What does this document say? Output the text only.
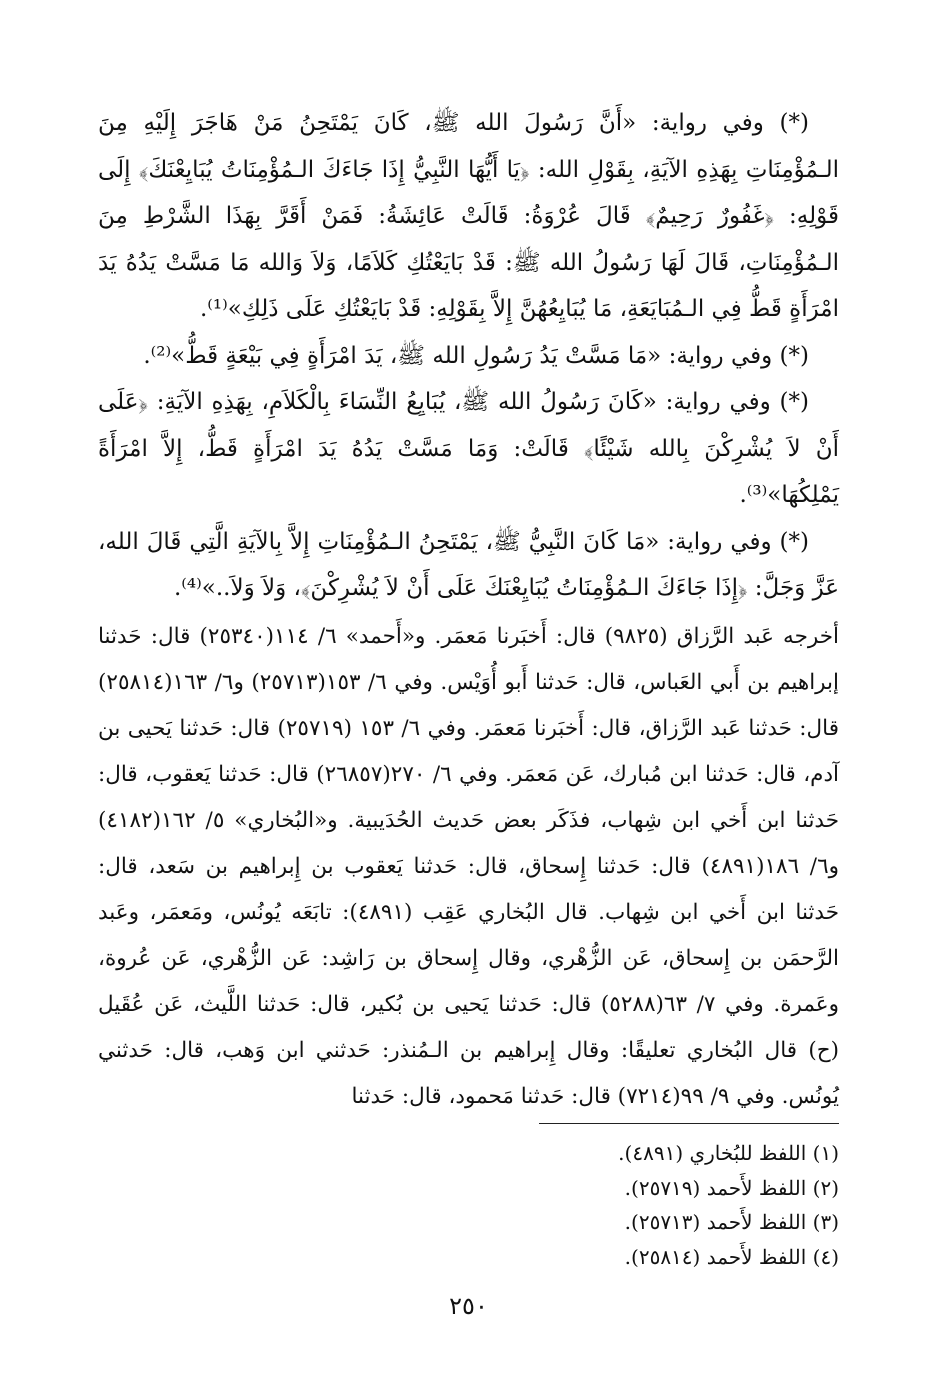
(*) وفي رواية: «أَنَّ رَسُولَ الله ﷺ، كَانَ يَمْتَحِنُ مَنْ هَاجَرَ إِلَيْهِ مِنَ الـمُؤْمِنَاتِ بِهَذِهِ الآيَةِ، بِقَوْلِ الله: ﴿يَا أَيُّهَا النَّبِيُّ إِذَا جَاءَكَ الـمُؤْمِنَاتُ يُبَايِعْنَكَ﴾ إِلَى قَوْلِهِ: ﴿غَفُورٌ رَحِيمٌ﴾ قَالَ عُرْوَةُ: قَالَتْ عَائِشَةُ: فَمَنْ أَقَرَّ بِهَذَا الشَّرْطِ مِنَ الـمُؤْمِنَاتِ، قَالَ لَهَا رَسُولُ الله ﷺ: قَدْ بَايَعْتُكِ كَلاَمًا، وَلاَ وَالله مَا مَسَّتْ يَدُهُ يَدَ امْرَأَةٍ قَطُّ فِي الـمُبَايَعَةِ، مَا يُبَايِعُهُنَّ إِلاَّ بِقَوْلِهِ: قَدْ بَايَعْتُكِ عَلَى ذَلِكِ»⁽¹⁾.

(*) وفي رواية: «مَا مَسَّتْ يَدُ رَسُولِ الله ﷺ، يَدَ امْرَأَةٍ فِي بَيْعَةٍ قَطُّ»⁽²⁾.

(*) وفي رواية: «كَانَ رَسُولُ الله ﷺ، يُبَايِعُ النِّسَاءَ بِالْكَلاَمِ، بِهَذِهِ الآيَةِ: ﴿عَلَى أَنْ لاَ يُشْرِكْنَ بِالله شَيْئًا﴾ قَالَتْ: وَمَا مَسَّتْ يَدُهُ يَدَ امْرَأَةٍ قَطُّ، إِلاَّ امْرَأَةً يَمْلِكُهَا»⁽³⁾.

(*) وفي رواية: «مَا كَانَ النَّبِيُّ ﷺ، يَمْتَحِنُ الـمُؤْمِنَاتِ إِلاَّ بِالآيَةِ الَّتِي قَالَ الله، عَزَّ وَجَلَّ: ﴿إِذَا جَاءَكَ الـمُؤْمِنَاتُ يُبَايِعْنَكَ عَلَى أَنْ لاَ يُشْرِكْنَ﴾، وَلاَ وَلاَ..»⁽⁴⁾.

أخرجه عَبد الرَّزاق (٩٨٢٥) قال: أَخبَرنا مَعمَر. و«أَحمد» ٦/ ١١٤(٢٥٣٤٠) قال: حَدثنا إبراهيم بن أَبي العَباس، قال: حَدثنا أَبو أُوَيْس. وفي ٦/ ١٥٣(٢٥٧١٣) و٦/ ١٦٣(٢٥٨١٤) قال: حَدثنا عَبد الرَّزاق، قال: أَخبَرنا مَعمَر. وفي ٦/ ١٥٣ (٢٥٧١٩) قال: حَدثنا يَحيى بن آدم، قال: حَدثنا ابن مُبارك، عَن مَعمَر. وفي ٦/ ٢٧٠(٢٦٨٥٧) قال: حَدثنا يَعقوب، قال: حَدثنا ابن أَخي ابن شِهاب، فذَكَر بعض حَديث الحُدَيبية. و«البُخاري» ٥/ ١٦٢(٤١٨٢) و٦/ ١٨٦(٤٨٩١) قال: حَدثنا إِسحاق، قال: حَدثنا يَعقوب بن إِبراهيم بن سَعد، قال: حَدثنا ابن أَخي ابن شِهاب. قال البُخاري عَقِب (٤٨٩١): تابَعَه يُونُس، ومَعمَر، وعَبد الرَّحمَن بن إِسحاق، عَن الزُّهْري، وقال إِسحاق بن رَاشِد: عَن الزُّهْري، عَن عُروة، وعَمرة. وفي ٧/ ٦٣(٥٢٨٨) قال: حَدثنا يَحيى بن بُكير، قال: حَدثنا اللَّيث، عَن عُقَيل (ح) قال البُخاري تعليقًا: وقال إِبراهيم بن الـمُنذر: حَدثني ابن وَهب، قال: حَدثني يُونُس. وفي ٩/ ٩٩(٧٢١٤) قال: حَدثنا مَحمود، قال: حَدثنا

(١) اللفظ للبُخاري (٤٨٩١).
(٢) اللفظ لأَحمد (٢٥٧١٩).
(٣) اللفظ لأَحمد (٢٥٧١٣).
(٤) اللفظ لأَحمد (٢٥٨١٤).
٢٥٠
